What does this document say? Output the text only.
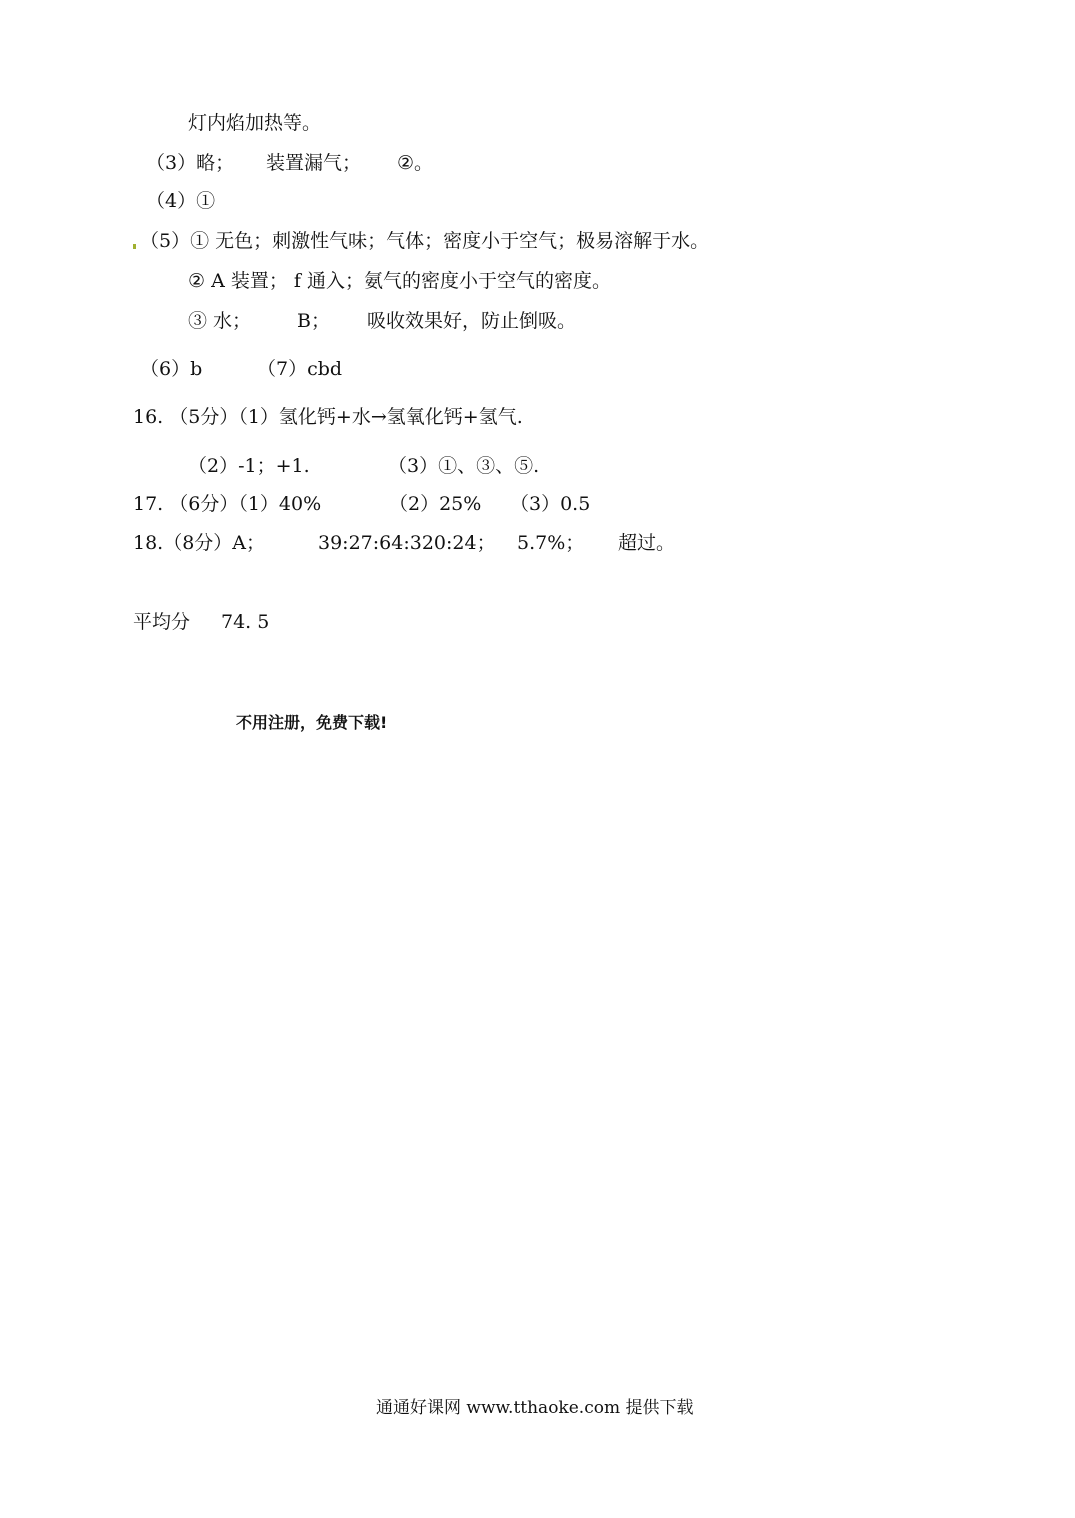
灯内焰加热等。
（3）略； 装置漏气； ②。
（4）①
（5）① 无色；刺激性气味；气体；密度小于空气；极易溶解于水。
② A 装置； f 通入；氨气的密度小于空气的密度。
③ 水； B； 吸收效果好，防止倒吸。
（6）b	（7）cbd
16. （5分）（1）氢化钙+水→氢氧化钙+氢气.
（2）-1；+1.	（3）①、③、⑤.
17. （6分）（1）40%	（2）25% （3）0.5
18.（8分）A；	39:27:64:320:24； 5.7%； 超过。
平均分 74. 5
不用注册，免费下载!
通通好课网 www.tthaoke.com 提供下载
